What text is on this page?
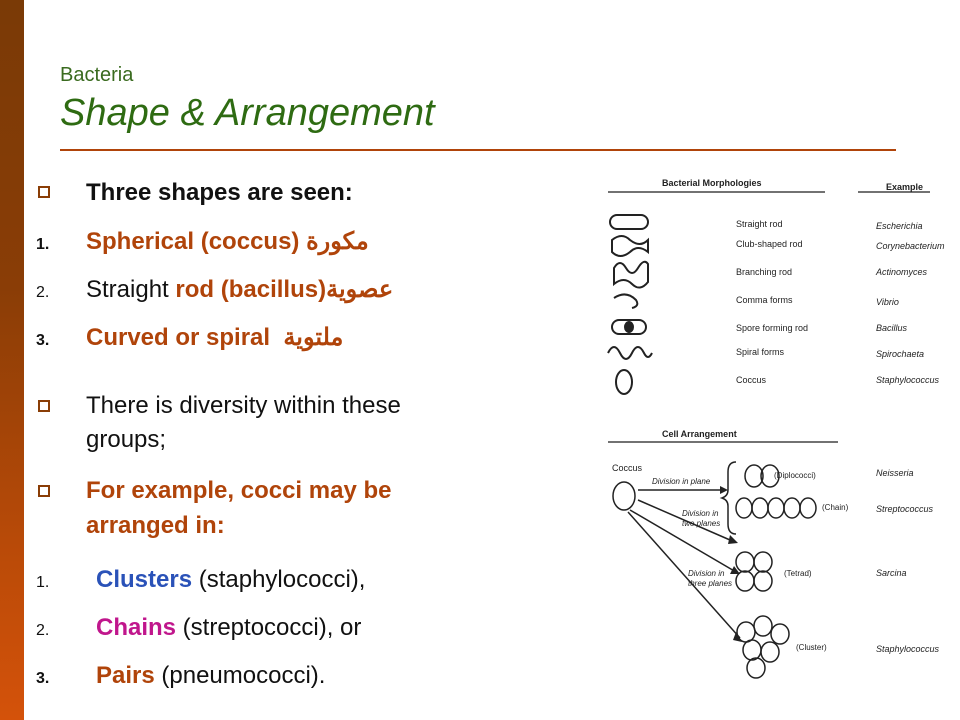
Bacteria
Shape & Arrangement
Three shapes are seen:
1. Spherical (coccus) مكورة
2. Straight rod (bacillus)عصوية
3. Curved or spiral ملتوية
There is diversity within these
groups;
For example, cocci may be
arranged in:
1. Clusters (staphylococci),
2. Chains (streptococci), or
3. Pairs (pneumococci).
Bacterial Morphologies	Example
Straight rod
Club-shaped rod
Branching rod
Comma forms
Spore forming rod
Spiral forms
Coccus
Escherichia
Corynebacterium
Actinomyces
Vibrio
Bacillus
Spirochaeta
Staphylococcus
Cell Arrangement
Coccus
Division in plane
Division in
two planes
Division in
three planes
(Diplococci)
(Chain)
(Tetrad)
(Cluster)
Neisseria
Streptococcus
Sarcina
Staphylococcus
